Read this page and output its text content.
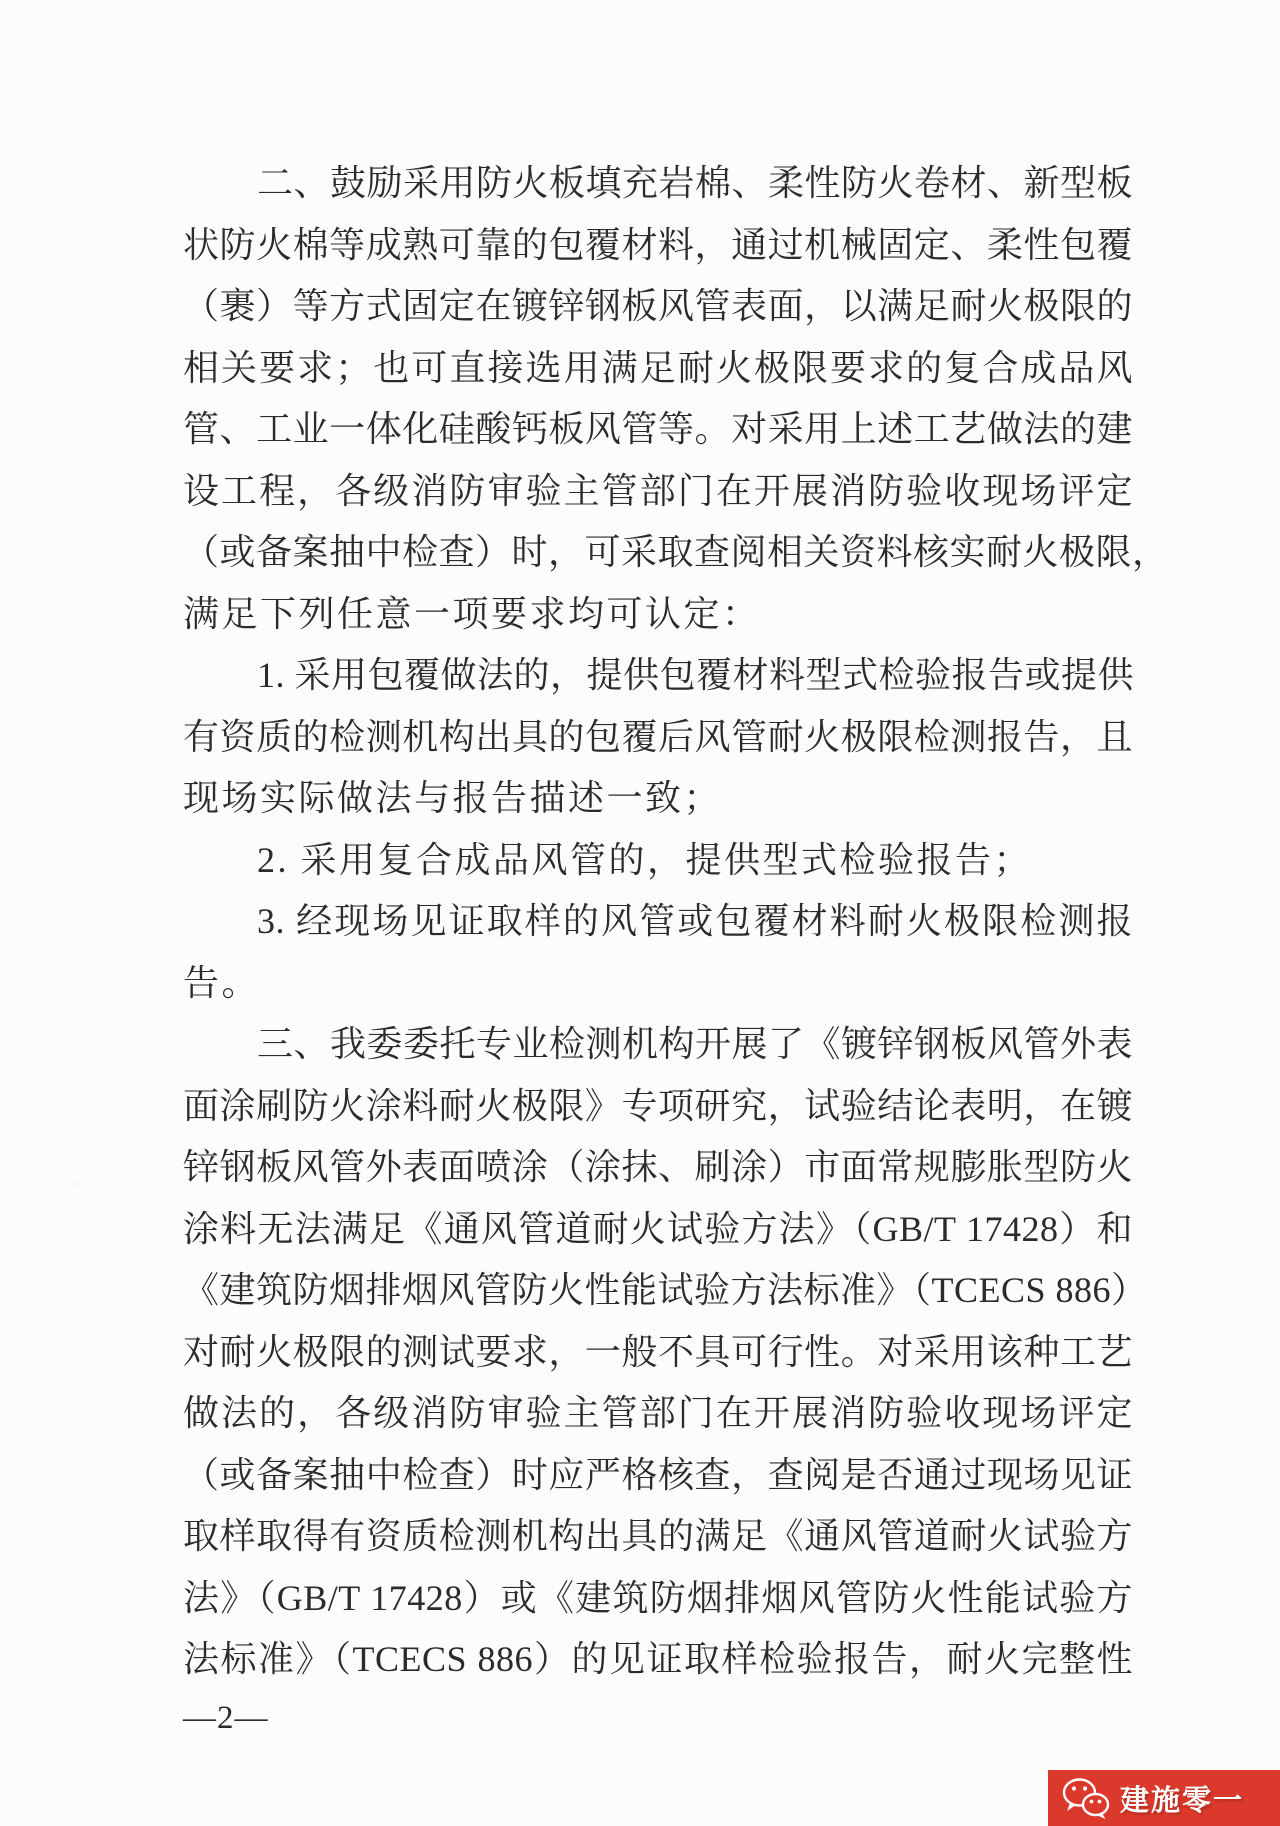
二、鼓励采用防火板填充岩棉、柔性防火卷材、新型板
状防火棉等成熟可靠的包覆材料，通过机械固定、柔性包覆
（裹）等方式固定在镀锌钢板风管表面，以满足耐火极限的
相关要求；也可直接选用满足耐火极限要求的复合成品风
管、工业一体化硅酸钙板风管等。对采用上述工艺做法的建
设工程，各级消防审验主管部门在开展消防验收现场评定
（或备案抽中检查）时，可采取查阅相关资料核实耐火极限，
满足下列任意一项要求均可认定：
1. 采用包覆做法的，提供包覆材料型式检验报告或提供
有资质的检测机构出具的包覆后风管耐火极限检测报告，且
现场实际做法与报告描述一致；
2. 采用复合成品风管的，提供型式检验报告；
3. 经现场见证取样的风管或包覆材料耐火极限检测报
告。
三、我委委托专业检测机构开展了《镀锌钢板风管外表
面涂刷防火涂料耐火极限》专项研究，试验结论表明，在镀
锌钢板风管外表面喷涂（涂抹、刷涂）市面常规膨胀型防火
涂料无法满足《通风管道耐火试验方法》（GB/T 17428）和
《建筑防烟排烟风管防火性能试验方法标准》（TCECS 886）
对耐火极限的测试要求，一般不具可行性。对采用该种工艺
做法的，各级消防审验主管部门在开展消防验收现场评定
（或备案抽中检查）时应严格核查，查阅是否通过现场见证
取样取得有资质检测机构出具的满足《通风管道耐火试验方
法》（GB/T 17428）或《建筑防烟排烟风管防火性能试验方
法标准》（TCECS 886）的见证取样检验报告，耐火完整性
—2—
建施零一
